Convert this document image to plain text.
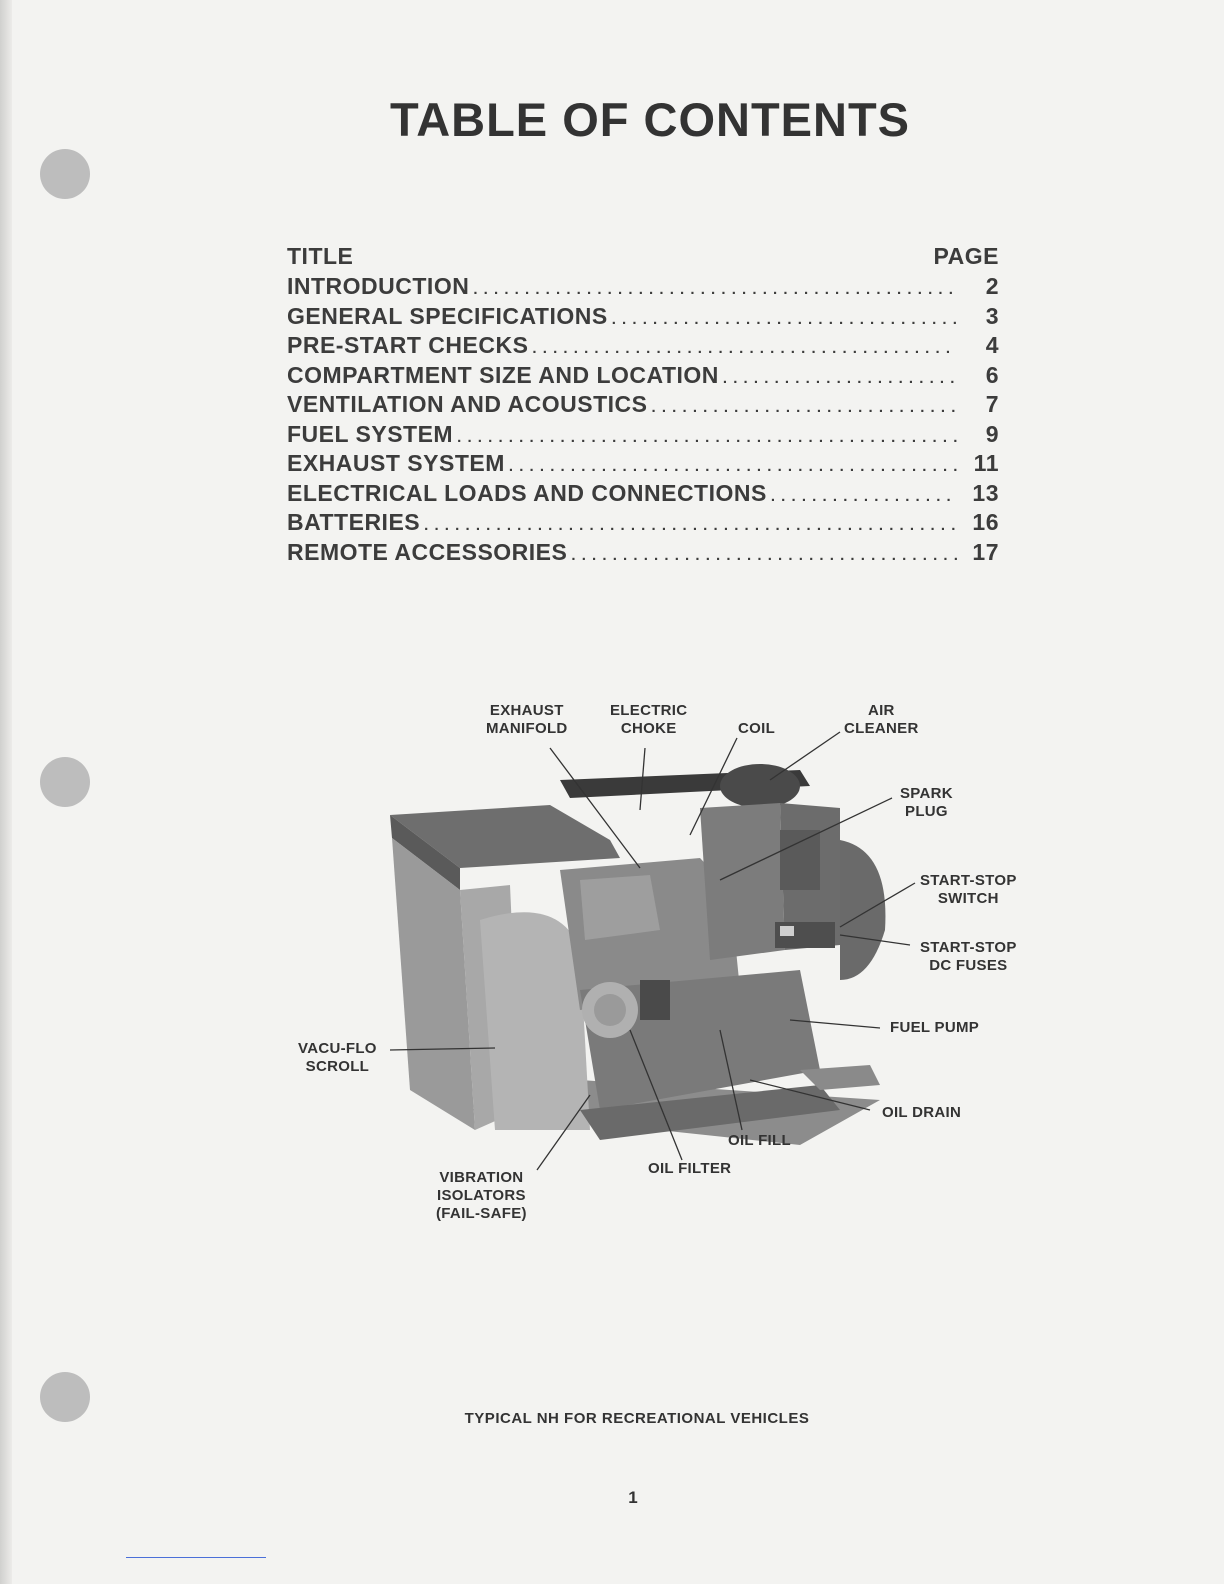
TABLE OF CONTENTS
TITLE	PAGE
INTRODUCTION . . .	2
GENERAL SPECIFICATIONS . . .	3
PRE-START CHECKS . . .	4
COMPARTMENT SIZE AND LOCATION . . .	6
VENTILATION AND ACOUSTICS . . .	7
FUEL SYSTEM . . .	9
EXHAUST SYSTEM . . .	11
ELECTRICAL LOADS AND CONNECTIONS . . .	13
BATTERIES . . .	16
REMOTE ACCESSORIES . . .	17
EXHAUST
MANIFOLD
ELECTRIC
CHOKE	COIL
AIR
CLEANER
SPARK
PLUG
START-STOP
SWITCH
START-STOP
DC FUSES
FUEL PUMP
OIL DRAIN
OIL FILL
OIL FILTER
VIBRATION
ISOLATORS
(FAIL-SAFE)
VACU-FLO
SCROLL
TYPICAL NH FOR RECREATIONAL VEHICLES
1
